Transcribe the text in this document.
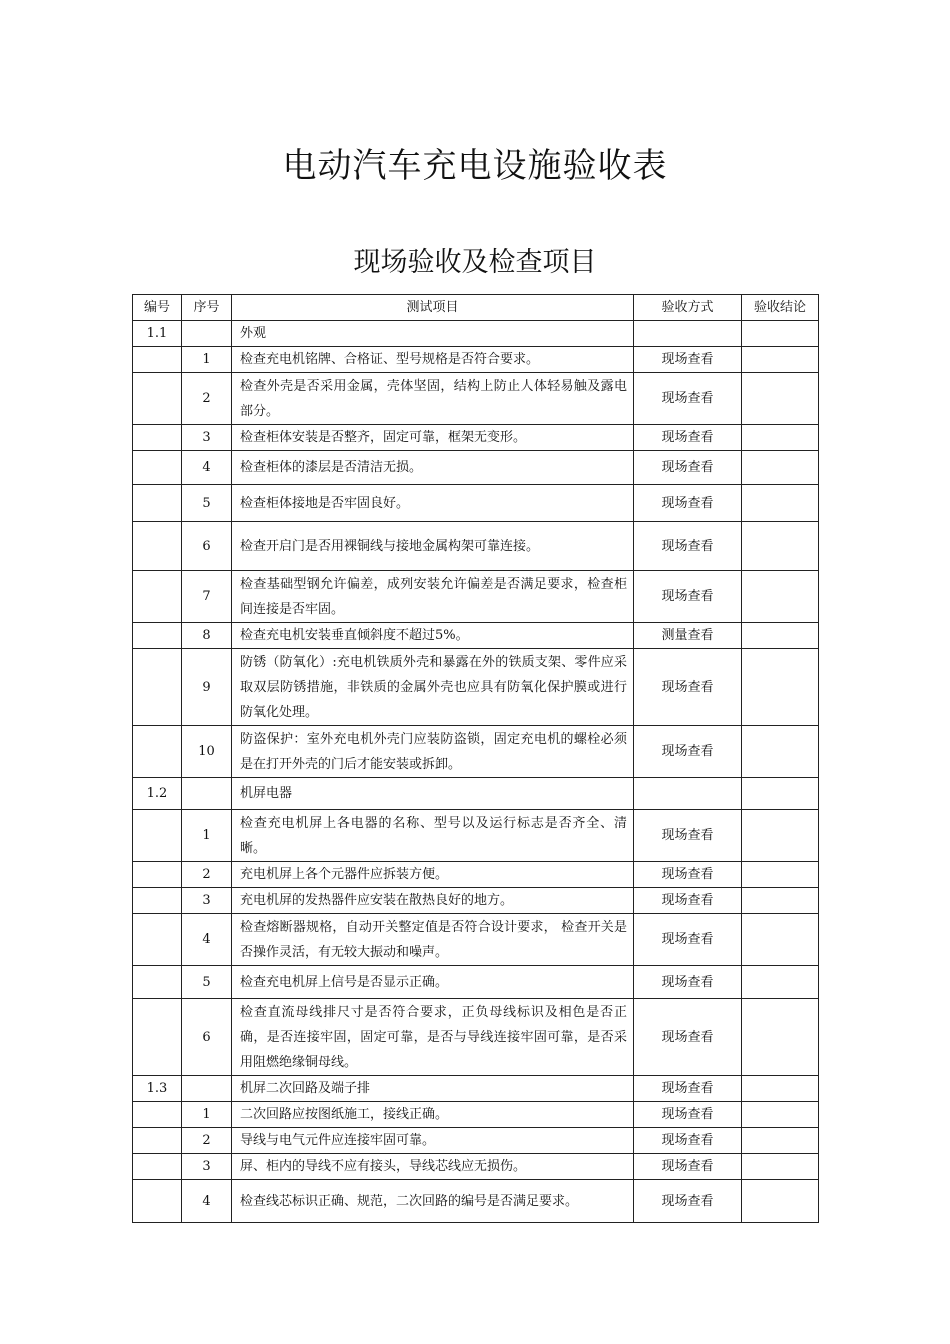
电动汽车充电设施验收表
现场验收及检查项目
编号	序号	测试项目	验收方式	验收结论
1.1		外观		
	1	检查充电机铭牌、合格证、型号规格是否符合要求。	现场查看	
	2	检查外壳是否采用金属，壳体坚固，结构上防止人体轻易触及露电部分。	现场查看	
	3	检查柜体安装是否整齐，固定可靠，框架无变形。	现场查看	
	4	检查柜体的漆层是否清洁无损。	现场查看	
	5	检查柜体接地是否牢固良好。	现场查看	
	6	检查开启门是否用裸铜线与接地金属构架可靠连接。	现场查看	
	7	检查基础型钢允许偏差，成列安装允许偏差是否满足要求，检查柜间连接是否牢固。	现场查看	
	8	检查充电机安装垂直倾斜度不超过5%。	测量查看	
	9	防锈（防氧化）:充电机铁质外壳和暴露在外的铁质支架、零件应采取双层防锈措施，非铁质的金属外壳也应具有防氧化保护膜或进行防氧化处理。	现场查看	
	10	防盗保护：室外充电机外壳门应装防盗锁，固定充电机的螺栓必须是在打开外壳的门后才能安装或拆卸。	现场查看	
1.2		机屏电器		
	1	检查充电机屏上各电器的名称、型号以及运行标志是否齐全、清晰。	现场查看	
	2	充电机屏上各个元器件应拆装方便。	现场查看	
	3	充电机屏的发热器件应安装在散热良好的地方。	现场查看	
	4	检查熔断器规格，自动开关整定值是否符合设计要求， 检查开关是否操作灵活，有无较大振动和噪声。	现场查看	
	5	检查充电机屏上信号是否显示正确。	现场查看	
	6	检查直流母线排尺寸是否符合要求，正负母线标识及相色是否正确，是否连接牢固，固定可靠，是否与导线连接牢固可靠，是否采用阻燃绝缘铜母线。	现场查看	
1.3		机屏二次回路及端子排	现场查看	
	1	二次回路应按图纸施工，接线正确。	现场查看	
	2	导线与电气元件应连接牢固可靠。	现场查看	
	3	屏、柜内的导线不应有接头，导线芯线应无损伤。	现场查看	
	4	检查线芯标识正确、规范，二次回路的编号是否满足要求。	现场查看	
